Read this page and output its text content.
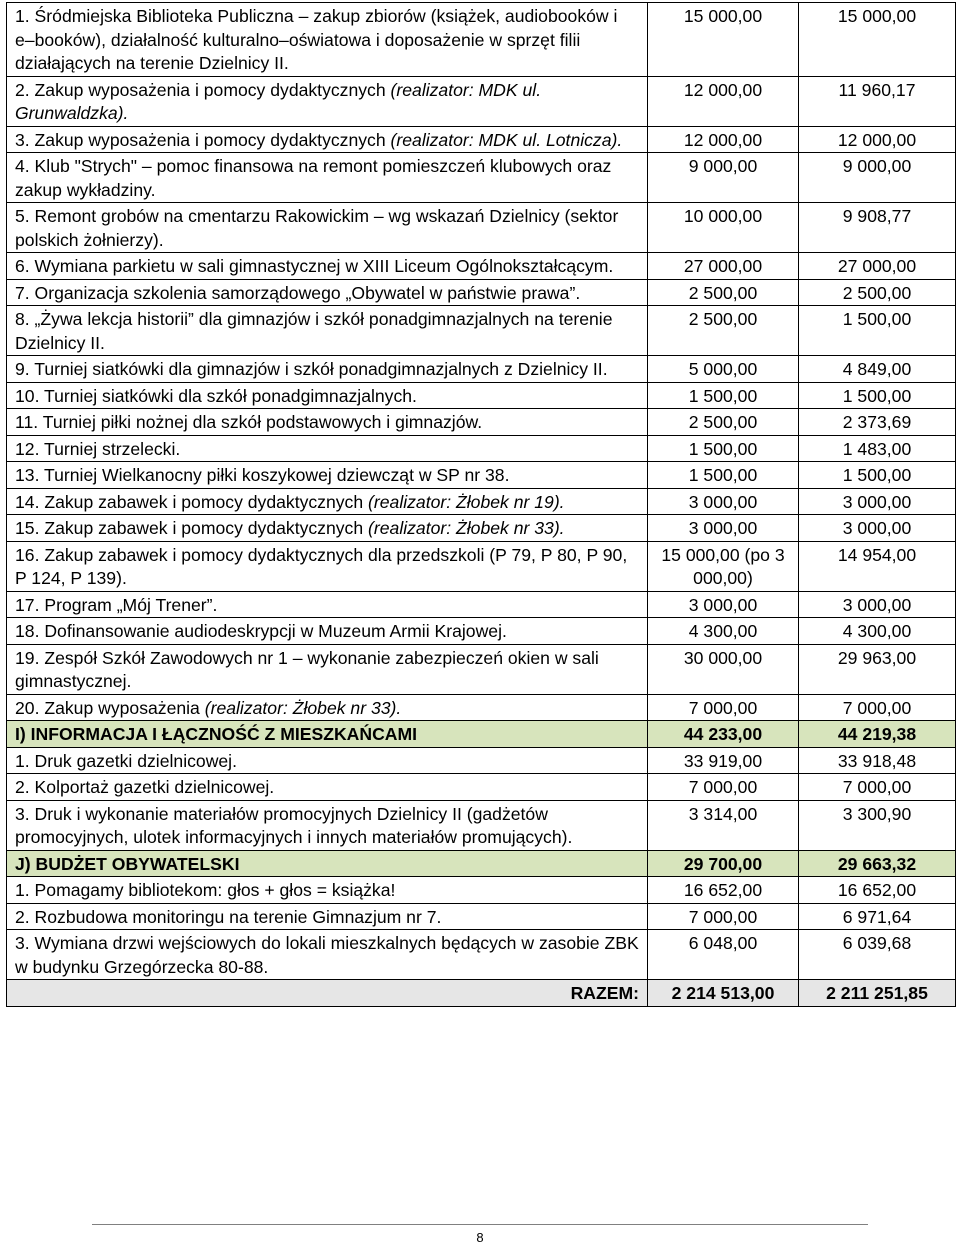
1. Śródmiejska Biblioteka Publiczna – zakup zbiorów (książek, audiobooków i e–booków), działalność kulturalno–oświatowa i doposażenie w sprzęt filii działających na terenie Dzielnicy II.	15 000,00	15 000,00
2. Zakup wyposażenia i pomocy dydaktycznych (realizator: MDK ul. Grunwaldzka).	12 000,00	11 960,17
3. Zakup wyposażenia i pomocy dydaktycznych (realizator: MDK ul. Lotnicza).	12 000,00	12 000,00
4. Klub "Strych" – pomoc finansowa na remont pomieszczeń klubowych oraz zakup wykładziny.	9 000,00	9 000,00
5. Remont grobów na cmentarzu Rakowickim – wg wskazań Dzielnicy (sektor polskich żołnierzy).	10 000,00	9 908,77
6. Wymiana parkietu w sali gimnastycznej w XIII Liceum Ogólnokształcącym.	27 000,00	27 000,00
7. Organizacja szkolenia samorządowego „Obywatel w państwie prawa”.	2 500,00	2 500,00
8. „Żywa lekcja historii” dla gimnazjów i szkół ponadgimnazjalnych na terenie Dzielnicy II.	2 500,00	1 500,00
9. Turniej siatkówki dla gimnazjów i szkół ponadgimnazjalnych z Dzielnicy II.	5 000,00	4 849,00
10. Turniej siatkówki dla szkół ponadgimnazjalnych.	1 500,00	1 500,00
11. Turniej piłki nożnej dla szkół podstawowych i gimnazjów.	2 500,00	2 373,69
12. Turniej strzelecki.	1 500,00	1 483,00
13. Turniej Wielkanocny piłki koszykowej dziewcząt w SP nr 38.	1 500,00	1 500,00
14. Zakup zabawek i pomocy dydaktycznych (realizator: Żłobek nr 19).	3 000,00	3 000,00
15. Zakup zabawek i pomocy dydaktycznych (realizator: Żłobek nr 33).	3 000,00	3 000,00
16. Zakup zabawek i pomocy dydaktycznych dla przedszkoli (P 79, P 80, P 90, P 124, P 139).	15 000,00 (po 3 000,00)	14 954,00
17. Program „Mój Trener”.	3 000,00	3 000,00
18. Dofinansowanie audiodeskrypcji w Muzeum Armii Krajowej.	4 300,00	4 300,00
19. Zespół Szkół Zawodowych nr 1 – wykonanie zabezpieczeń okien w sali gimnastycznej.	30 000,00	29 963,00
20. Zakup wyposażenia (realizator: Żłobek nr 33).	7 000,00	7 000,00
I) INFORMACJA I ŁĄCZNOŚĆ Z MIESZKAŃCAMI	44 233,00	44 219,38
1. Druk gazetki dzielnicowej.	33 919,00	33 918,48
2. Kolportaż gazetki dzielnicowej.	7 000,00	7 000,00
3. Druk i wykonanie materiałów promocyjnych Dzielnicy II (gadżetów promocyjnych, ulotek informacyjnych i innych materiałów promujących).	3 314,00	3 300,90
J) BUDŻET OBYWATELSKI	29 700,00	29 663,32
1. Pomagamy bibliotekom: głos + głos = książka!	16 652,00	16 652,00
2. Rozbudowa monitoringu na terenie Gimnazjum nr 7.	7 000,00	6 971,64
3. Wymiana drzwi wejściowych do lokali mieszkalnych będących w zasobie ZBK w budynku Grzegórzecka 80-88.	6 048,00	6 039,68
RAZEM:	2 214 513,00	2 211 251,85
8
